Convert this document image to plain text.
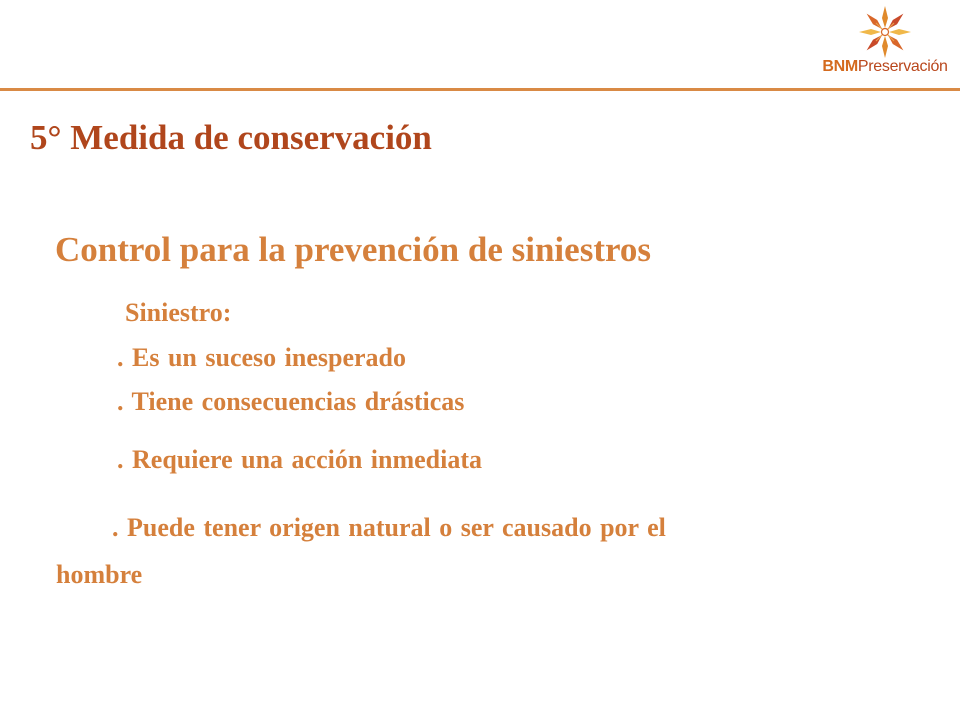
BNMPreservación
5° Medida de conservación
Control para la prevención de siniestros
Siniestro:
. Es un suceso inesperado
. Tiene consecuencias drásticas
. Requiere una acción inmediata
. Puede tener origen natural o ser causado por el
hombre
